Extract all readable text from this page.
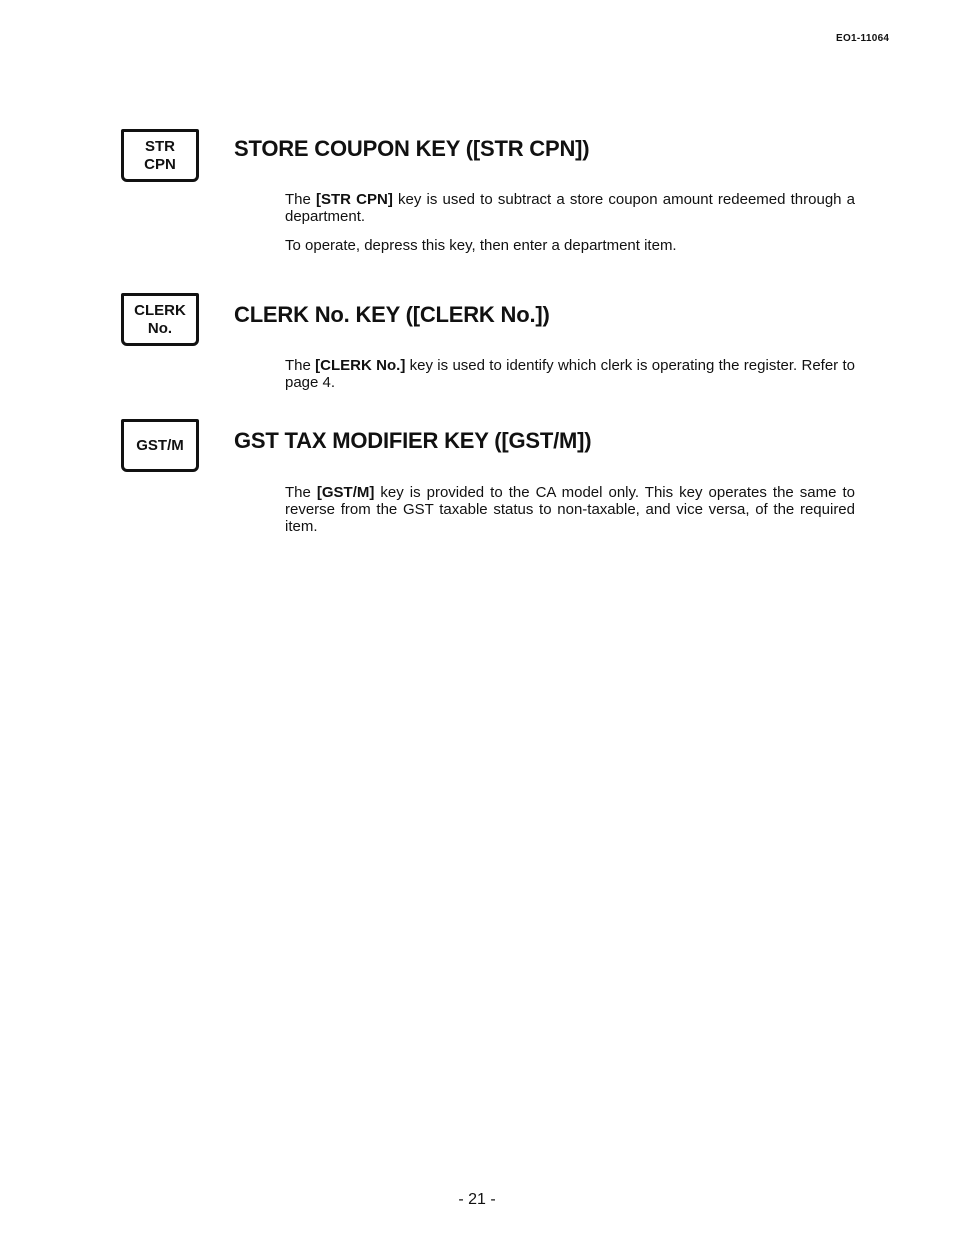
EO1-11064
STR
CPN
STORE COUPON KEY ([STR CPN])

The [STR CPN] key is used to subtract a store coupon amount redeemed through a department.

To operate, depress this key, then enter a department item.

CLERK
No.
CLERK No. KEY ([CLERK No.])

The [CLERK No.] key is used to identify which clerk is operating the register. Refer to page 4.

GST/M GST TAX MODIFIER KEY ([GST/M])

The [GST/M] key is provided to the CA model only. This key operates the same to reverse from the GST taxable status to non-taxable, and vice versa, of the required item.

- 21 -
